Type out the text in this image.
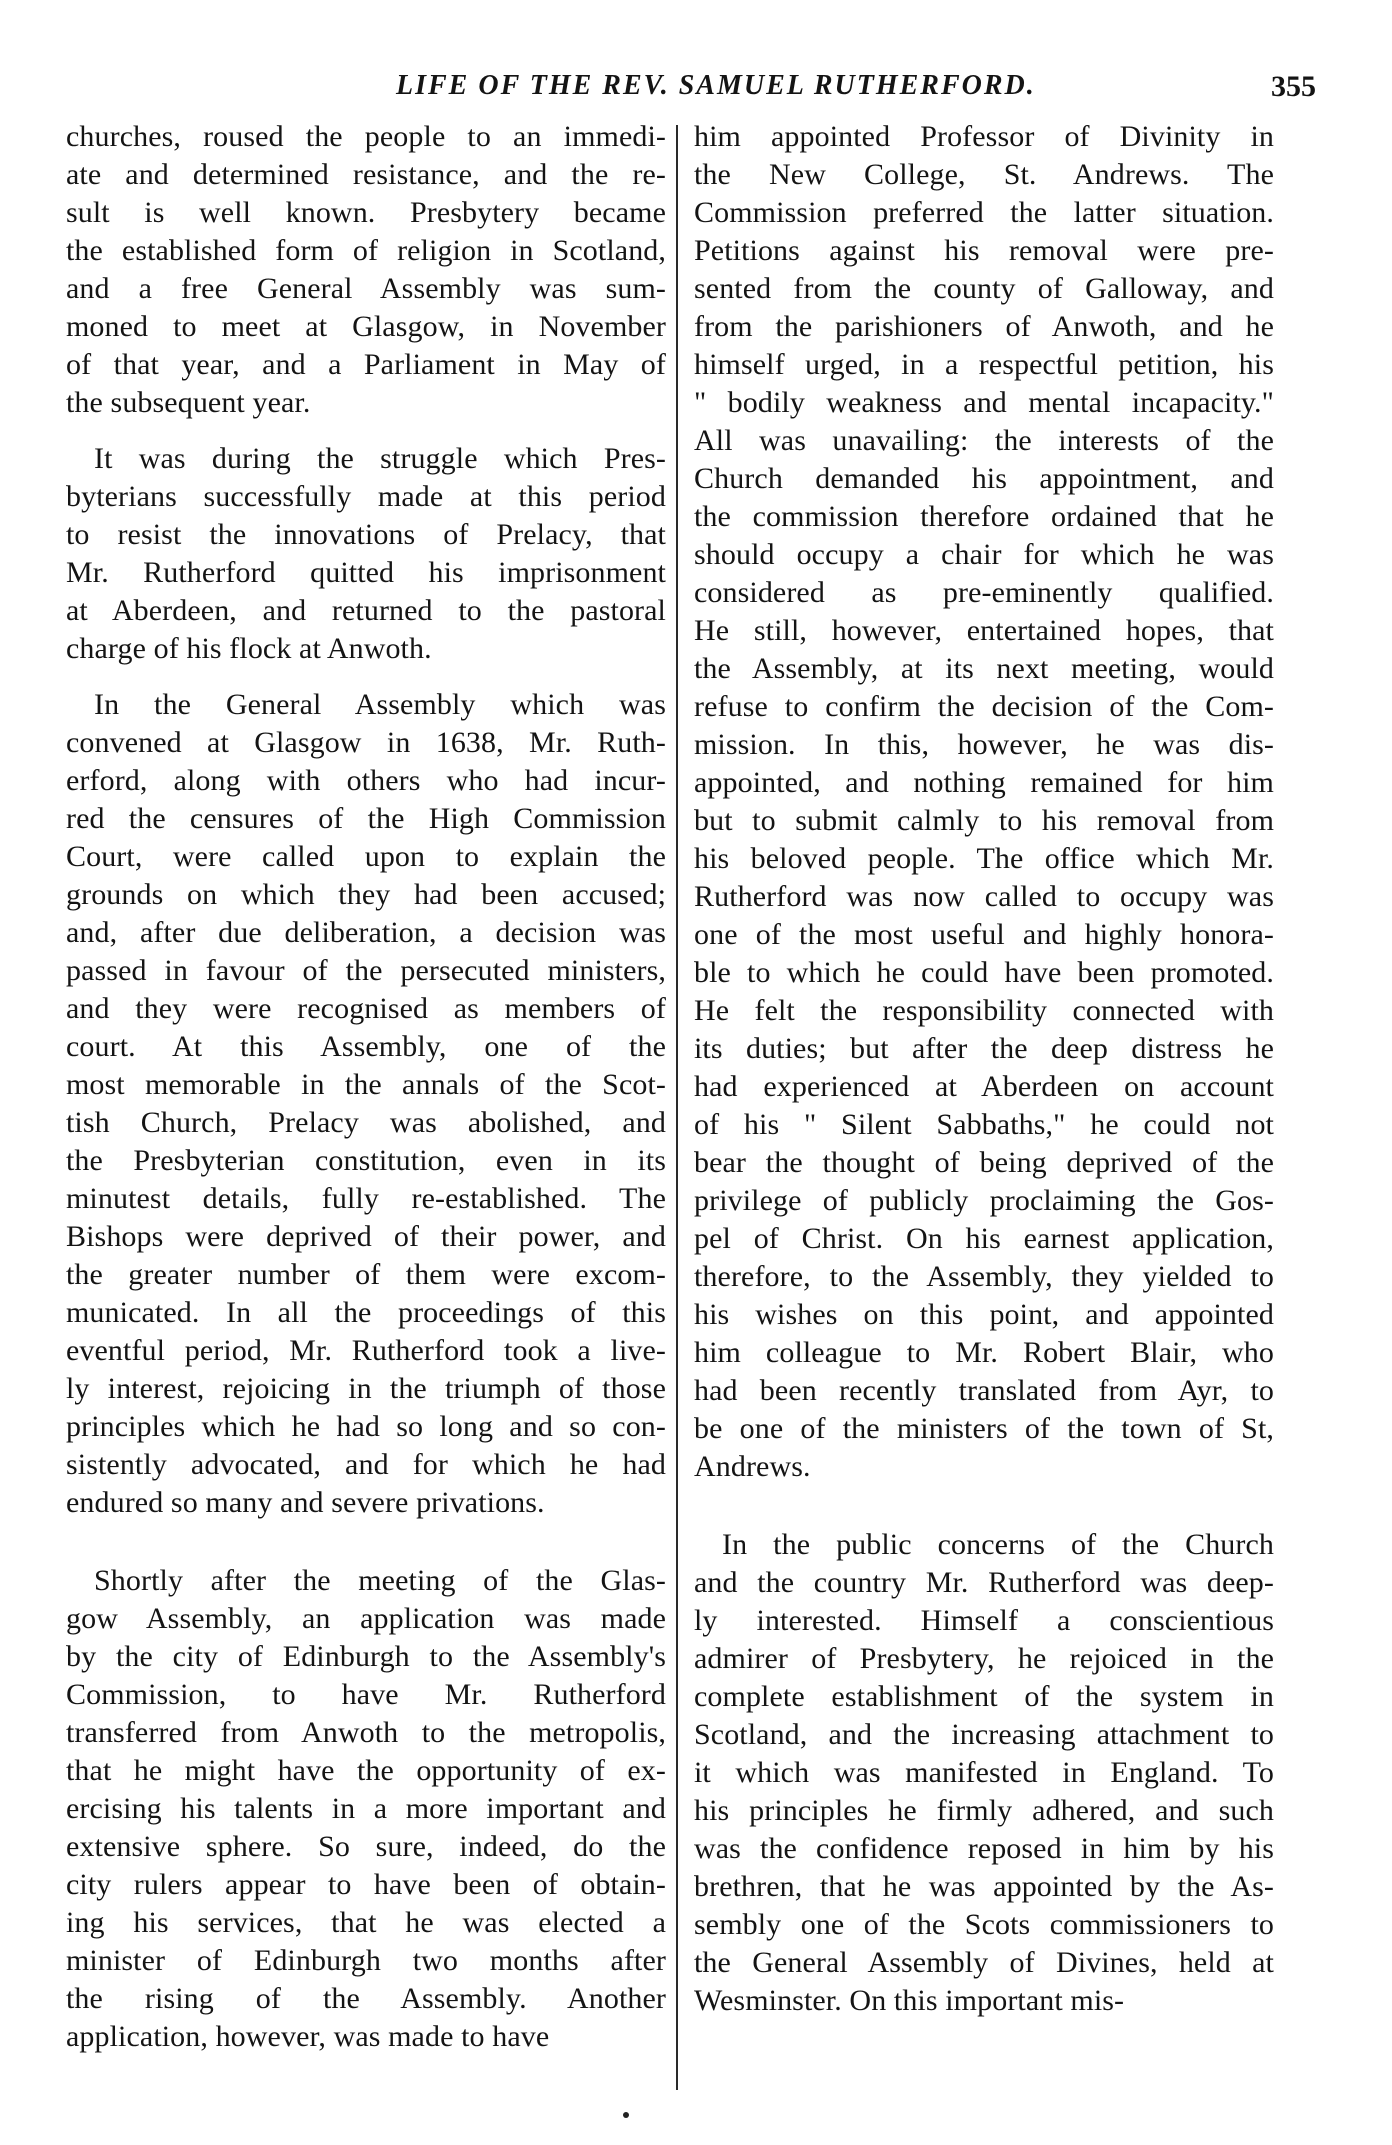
LIFE OF THE REV. SAMUEL RUTHERFORD.	355
churches, roused the people to an immedi-
ate and determined resistance, and the re-
sult is well known. Presbytery became
the established form of religion in Scotland,
and a free General Assembly was sum-
moned to meet at Glasgow, in November
of that year, and a Parliament in May of
the subsequent year.
It was during the struggle which Pres-
byterians successfully made at this period
to resist the innovations of Prelacy, that
Mr. Rutherford quitted his imprisonment
at Aberdeen, and returned to the pastoral
charge of his flock at Anwoth.
In the General Assembly which was
convened at Glasgow in 1638, Mr. Ruth-
erford, along with others who had incur-
red the censures of the High Commission
Court, were called upon to explain the
grounds on which they had been accused;
and, after due deliberation, a decision was
passed in favour of the persecuted ministers,
and they were recognised as members of
court. At this Assembly, one of the
most memorable in the annals of the Scot-
tish Church, Prelacy was abolished, and
the Presbyterian constitution, even in its
minutest details, fully re-established. The
Bishops were deprived of their power, and
the greater number of them were excom-
municated. In all the proceedings of this
eventful period, Mr. Rutherford took a live-
ly interest, rejoicing in the triumph of those
principles which he had so long and so con-
sistently advocated, and for which he had
endured so many and severe privations.
Shortly after the meeting of the Glas-
gow Assembly, an application was made
by the city of Edinburgh to the Assembly's
Commission, to have Mr. Rutherford
transferred from Anwoth to the metropolis,
that he might have the opportunity of ex-
ercising his talents in a more important and
extensive sphere. So sure, indeed, do the
city rulers appear to have been of obtain-
ing his services, that he was elected a
minister of Edinburgh two months after
the rising of the Assembly. Another
application, however, was made to have
him appointed Professor of Divinity in
the New College, St. Andrews. The
Commission preferred the latter situation.
Petitions against his removal were pre-
sented from the county of Galloway, and
from the parishioners of Anwoth, and he
himself urged, in a respectful petition, his
" bodily weakness and mental incapacity."
All was unavailing: the interests of the
Church demanded his appointment, and
the commission therefore ordained that he
should occupy a chair for which he was
considered as pre-eminently qualified.
He still, however, entertained hopes, that
the Assembly, at its next meeting, would
refuse to confirm the decision of the Com-
mission. In this, however, he was dis-
appointed, and nothing remained for him
but to submit calmly to his removal from
his beloved people. The office which Mr.
Rutherford was now called to occupy was
one of the most useful and highly honora-
ble to which he could have been promoted.
He felt the responsibility connected with
its duties; but after the deep distress he
had experienced at Aberdeen on account
of his " Silent Sabbaths," he could not
bear the thought of being deprived of the
privilege of publicly proclaiming the Gos-
pel of Christ. On his earnest application,
therefore, to the Assembly, they yielded to
his wishes on this point, and appointed
him colleague to Mr. Robert Blair, who
had been recently translated from Ayr, to
be one of the ministers of the town of St,
Andrews.
In the public concerns of the Church
and the country Mr. Rutherford was deep-
ly interested. Himself a conscientious
admirer of Presbytery, he rejoiced in the
complete establishment of the system in
Scotland, and the increasing attachment to
it which was manifested in England. To
his principles he firmly adhered, and such
was the confidence reposed in him by his
brethren, that he was appointed by the As-
sembly one of the Scots commissioners to
the General Assembly of Divines, held at
Wesminster. On this important mis-
